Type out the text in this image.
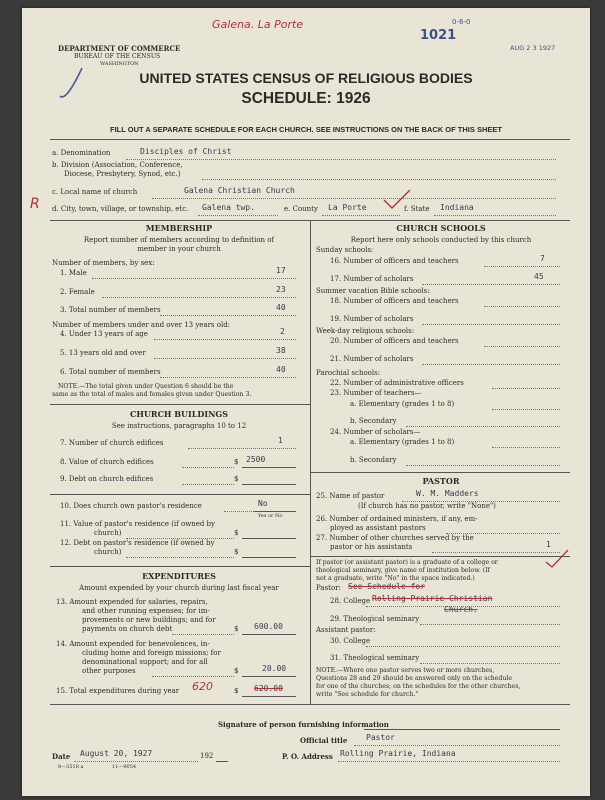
Galena. La Porte
1021
0-6-0
AUG 2 3 1927
R
DEPARTMENT OF COMMERCE
BUREAU OF THE CENSUS
WASHINGTON
UNITED STATES CENSUS OF RELIGIOUS BODIES
SCHEDULE: 1926
FILL OUT A SEPARATE SCHEDULE FOR EACH CHURCH. SEE INSTRUCTIONS ON THE BACK OF THIS SHEET
a. Denomination	Disciples of Christ
b. Division (Association, Conference,
Diocese, Presbytery, Synod, etc.)
c. Local name of church	Galena Christian Church
d. City, town, village, or township, etc. Galena twp.	e. County La Porte	f. State Indiana
MEMBERSHIP
Report number of members according to definition of
member in your church
Number of members, by sex:
1. Male	17
2. Female	23
3. Total number of members	40
Number of members under and over 13 years old:
4. Under 13 years of age	2
5. 13 years old and over	38
6. Total number of members	40
NOTE.—The total given under Question 6 should be the
same as the total of males and females given under Question 3.
CHURCH BUILDINGS
See instructions, paragraphs 10 to 12
7. Number of church edifices	1
8. Value of church edifices	$ 2500
9. Debt on church edifices	$
10. Does church own pastor's residence	No
Yes or No
11. Value of pastor's residence (if owned by
church)	$
12. Debt on pastor's residence (if owned by
church)	$
EXPENDITURES
Amount expended by your church during last fiscal year
13. Amount expended for salaries, repairs,
and other running expenses; for im-
provements or new buildings; and for
payments on church debt	$ 600.00
14. Amount expended for benevolences, in-
cluding home and foreign missions; for
denominational support; and for all
other purposes	$	20.00
15. Total expenditures during year 620	$ 620.00
CHURCH SCHOOLS
Report here only schools conducted by this church
Sunday schools:
16. Number of officers and teachers	7
17. Number of scholars	45
Summer vacation Bible schools:
18. Number of officers and teachers
19. Number of scholars
Week-day religious schools:
20. Number of officers and teachers
21. Number of scholars
Parochial schools:
22. Number of administrative officers
23. Number of teachers—
a. Elementary (grades 1 to 8)
b. Secondary
24. Number of scholars—
a. Elementary (grades 1 to 8)
b. Secondary
PASTOR
25. Name of pastor	W. M. Madders
(If church has no pastor, write "None")
26. Number of ordained ministers, if any, em-
ployed as assistant pastors
27. Number of other churches served by the
pastor or his assistants	1
If pastor (or assistant pastor) is a graduate of a college or
theological seminary, give name of institution below. (If
not a graduate, write "No" in the space indicated.)
Pastor: See Schedule for
28. College Rolling Prairie Christian
Church.
29. Theological seminary
Assistant pastor:
30. College
31. Theological seminary
NOTE.—Where one pastor serves two or more churches,
Questions 28 and 29 should be answered only on the schedule
for one of the churches; on the schedules for the other churches,
write "See schedule for church."
Signature of person furnishing information
Official title Pastor
Date August 20, 1927	192	P. O. Address Rolling Prairie, Indiana
8—5518 a	11—9054
